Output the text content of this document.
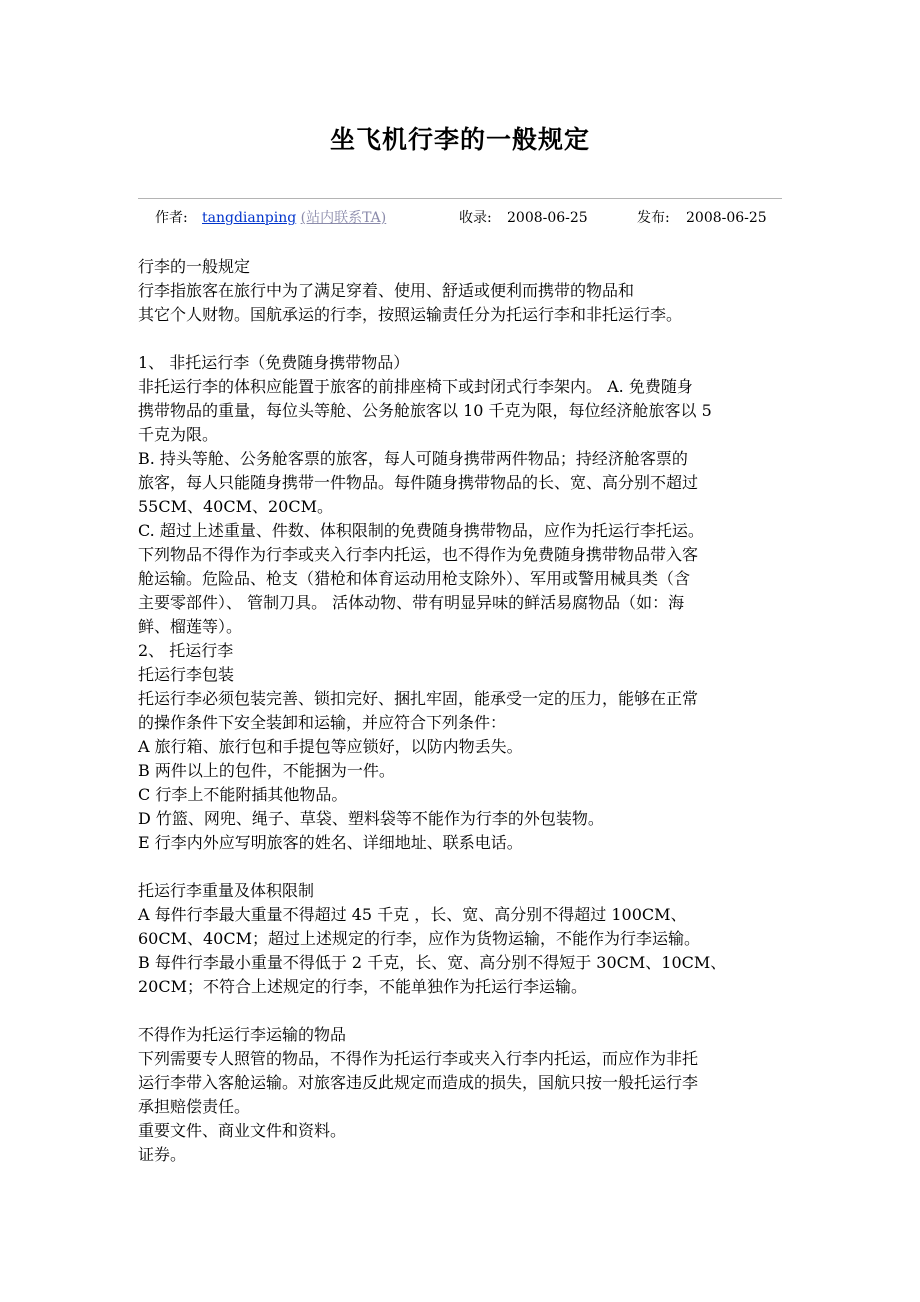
坐飞机行李的一般规定
作者: tangdianping (站内联系TA)	收录: 2008-06-25	发布: 2008-06-25

行李的一般规定

行李指旅客在旅行中为了满足穿着、使用、舒适或便利而携带的物品和

其它个人财物。国航承运的行李，按照运输责任分为托运行李和非托运行李。

1、 非托运行李（免费随身携带物品）

非托运行李的体积应能置于旅客的前排座椅下或封闭式行李架内。 A. 免费随身

携带物品的重量，每位头等舱、公务舱旅客以 10 千克为限，每位经济舱旅客以 5

千克为限。

B. 持头等舱、公务舱客票的旅客，每人可随身携带两件物品；持经济舱客票的

旅客，每人只能随身携带一件物品。每件随身携带物品的长、宽、高分别不超过

55CM、40CM、20CM。

C. 超过上述重量、件数、体积限制的免费随身携带物品，应作为托运行李托运。

下列物品不得作为行李或夹入行李内托运，也不得作为免费随身携带物品带入客

舱运输。危险品、枪支（猎枪和体育运动用枪支除外）、军用或警用械具类（含

主要零部件）、 管制刀具。 活体动物、带有明显异味的鲜活易腐物品（如：海

鲜、榴莲等）。

2、 托运行李

托运行李包装

托运行李必须包装完善、锁扣完好、捆扎牢固，能承受一定的压力，能够在正常

的操作条件下安全装卸和运输，并应符合下列条件：

A 旅行箱、旅行包和手提包等应锁好，以防内物丢失。

B 两件以上的包件，不能捆为一件。

C 行李上不能附插其他物品。

D 竹篮、网兜、绳子、草袋、塑料袋等不能作为行李的外包装物。

E 行李内外应写明旅客的姓名、详细地址、联系电话。

托运行李重量及体积限制

A 每件行李最大重量不得超过 45 千克 ，长、宽、高分别不得超过 100CM、

60CM、40CM；超过上述规定的行李，应作为货物运输，不能作为行李运输。

B 每件行李最小重量不得低于 2 千克，长、宽、高分别不得短于 30CM、10CM、

20CM；不符合上述规定的行李，不能单独作为托运行李运输。

不得作为托运行李运输的物品

下列需要专人照管的物品，不得作为托运行李或夹入行李内托运，而应作为非托

运行李带入客舱运输。对旅客违反此规定而造成的损失，国航只按一般托运行李

承担赔偿责任。

重要文件、商业文件和资料。

证券。
